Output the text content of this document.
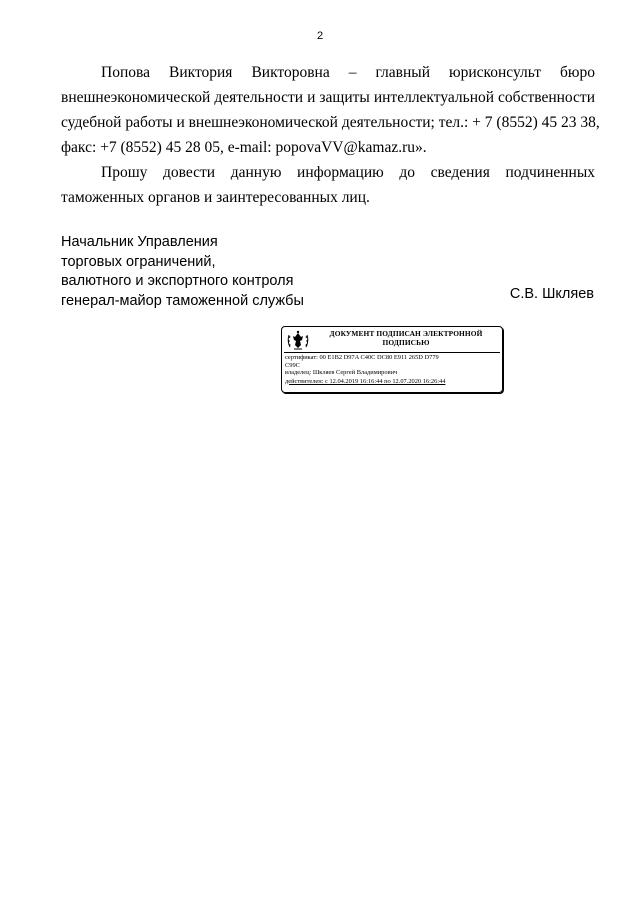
2
Попова Виктория Викторовна – главный юрисконсульт бюро
внешнеэкономической деятельности и защиты интеллектуальной собственности
судебной работы и внешнеэкономической деятельности; тел.: + 7 (8552) 45 23 38,
факс: +7 (8552) 45 28 05, e-mail: popovaVV@kamaz.ru».
Прошу довести данную информацию до сведения подчиненных
таможенных органов и заинтересованных лиц.
Начальник Управления
торговых ограничений,
валютного и экспортного контроля
генерал-майор таможенной службы	С.В. Шкляев
ДОКУМЕНТ ПОДПИСАН ЭЛЕКТРОННОЙ
ПОДПИСЬЮ
сертификат: 00 E1B2 D97A C40C DC80 E911 265D D779
C99C
владелец: Шкляев Сергей Владимирович
действителен: с 12.04.2019 16:16:44 по 12.07.2020 16:26:44
